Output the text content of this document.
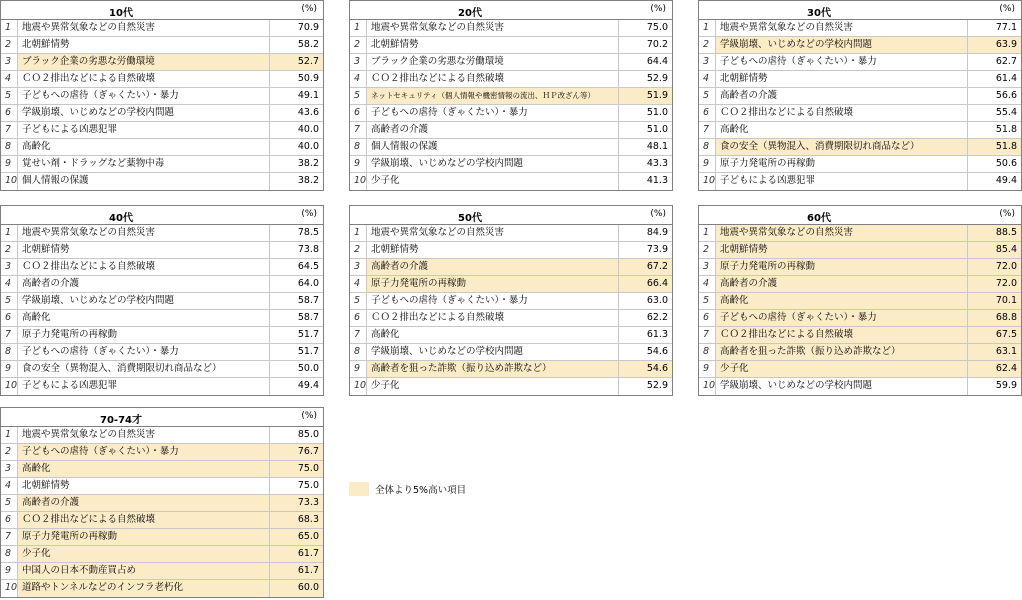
10代	(%)
1	地震や異常気象などの自然災害	70.9
2	北朝鮮情勢	58.2
3	ブラック企業の劣悪な労働環境	52.7
4	ＣＯ２排出などによる自然破壊	50.9
5	子どもへの虐待（ぎゃくたい）・暴力	49.1
6	学級崩壊、いじめなどの学校内問題	43.6
7	子どもによる凶悪犯罪	40.0
8	高齢化	40.0
9	覚せい剤・ドラッグなど薬物中毒	38.2
10 個人情報の保護	38.2
20代	(%)
1	地震や異常気象などの自然災害	75.0
2	北朝鮮情勢	70.2
3	ブラック企業の劣悪な労働環境	64.4
4	ＣＯ２排出などによる自然破壊	52.9
5	ネットセキュリティ（個人情報や機密情報の流出、ＨＰ改ざん等）	51.9
6	子どもへの虐待（ぎゃくたい）・暴力	51.0
7	高齢者の介護	51.0
8	個人情報の保護	48.1
9	学級崩壊、いじめなどの学校内問題	43.3
10 少子化	41.3
30代	(%)
1	地震や異常気象などの自然災害	77.1
2	学級崩壊、いじめなどの学校内問題	63.9
3	子どもへの虐待（ぎゃくたい）・暴力	62.7
4	北朝鮮情勢	61.4
5	高齢者の介護	56.6
6	ＣＯ２排出などによる自然破壊	55.4
7	高齢化	51.8
8	食の安全（異物混入、消費期限切れ商品など）	51.8
9	原子力発電所の再稼動	50.6
10 子どもによる凶悪犯罪	49.4
40代	(%)
1	地震や異常気象などの自然災害	78.5
2	北朝鮮情勢	73.8
3	ＣＯ２排出などによる自然破壊	64.5
4	高齢者の介護	64.0
5	学級崩壊、いじめなどの学校内問題	58.7
6	高齢化	58.7
7	原子力発電所の再稼動	51.7
8	子どもへの虐待（ぎゃくたい）・暴力	51.7
9	食の安全（異物混入、消費期限切れ商品など）	50.0
10 子どもによる凶悪犯罪	49.4
50代	(%)
1	地震や異常気象などの自然災害	84.9
2	北朝鮮情勢	73.9
3	高齢者の介護	67.2
4	原子力発電所の再稼動	66.4
5	子どもへの虐待（ぎゃくたい）・暴力	63.0
6	ＣＯ２排出などによる自然破壊	62.2
7	高齢化	61.3
8	学級崩壊、いじめなどの学校内問題	54.6
9	高齢者を狙った詐欺（振り込め詐欺など）	54.6
10 少子化	52.9
60代	(%)
1	地震や異常気象などの自然災害	88.5
2	北朝鮮情勢	85.4
3	原子力発電所の再稼動	72.0
4	高齢者の介護	72.0
5	高齢化	70.1
6	子どもへの虐待（ぎゃくたい）・暴力	68.8
7	ＣＯ２排出などによる自然破壊	67.5
8	高齢者を狙った詐欺（振り込め詐欺など）	63.1
9	少子化	62.4
10 学級崩壊、いじめなどの学校内問題	59.9
70-74才	(%)
1	地震や異常気象などの自然災害	85.0
2	子どもへの虐待（ぎゃくたい）・暴力	76.7
3	高齢化	75.0
4	北朝鮮情勢	75.0
5	高齢者の介護	73.3
6	ＣＯ２排出などによる自然破壊	68.3
7	原子力発電所の再稼動	65.0
8	少子化	61.7
9	中国人の日本不動産買占め	61.7
10 道路やトンネルなどのインフラ老朽化	60.0
全体より5%高い項目
